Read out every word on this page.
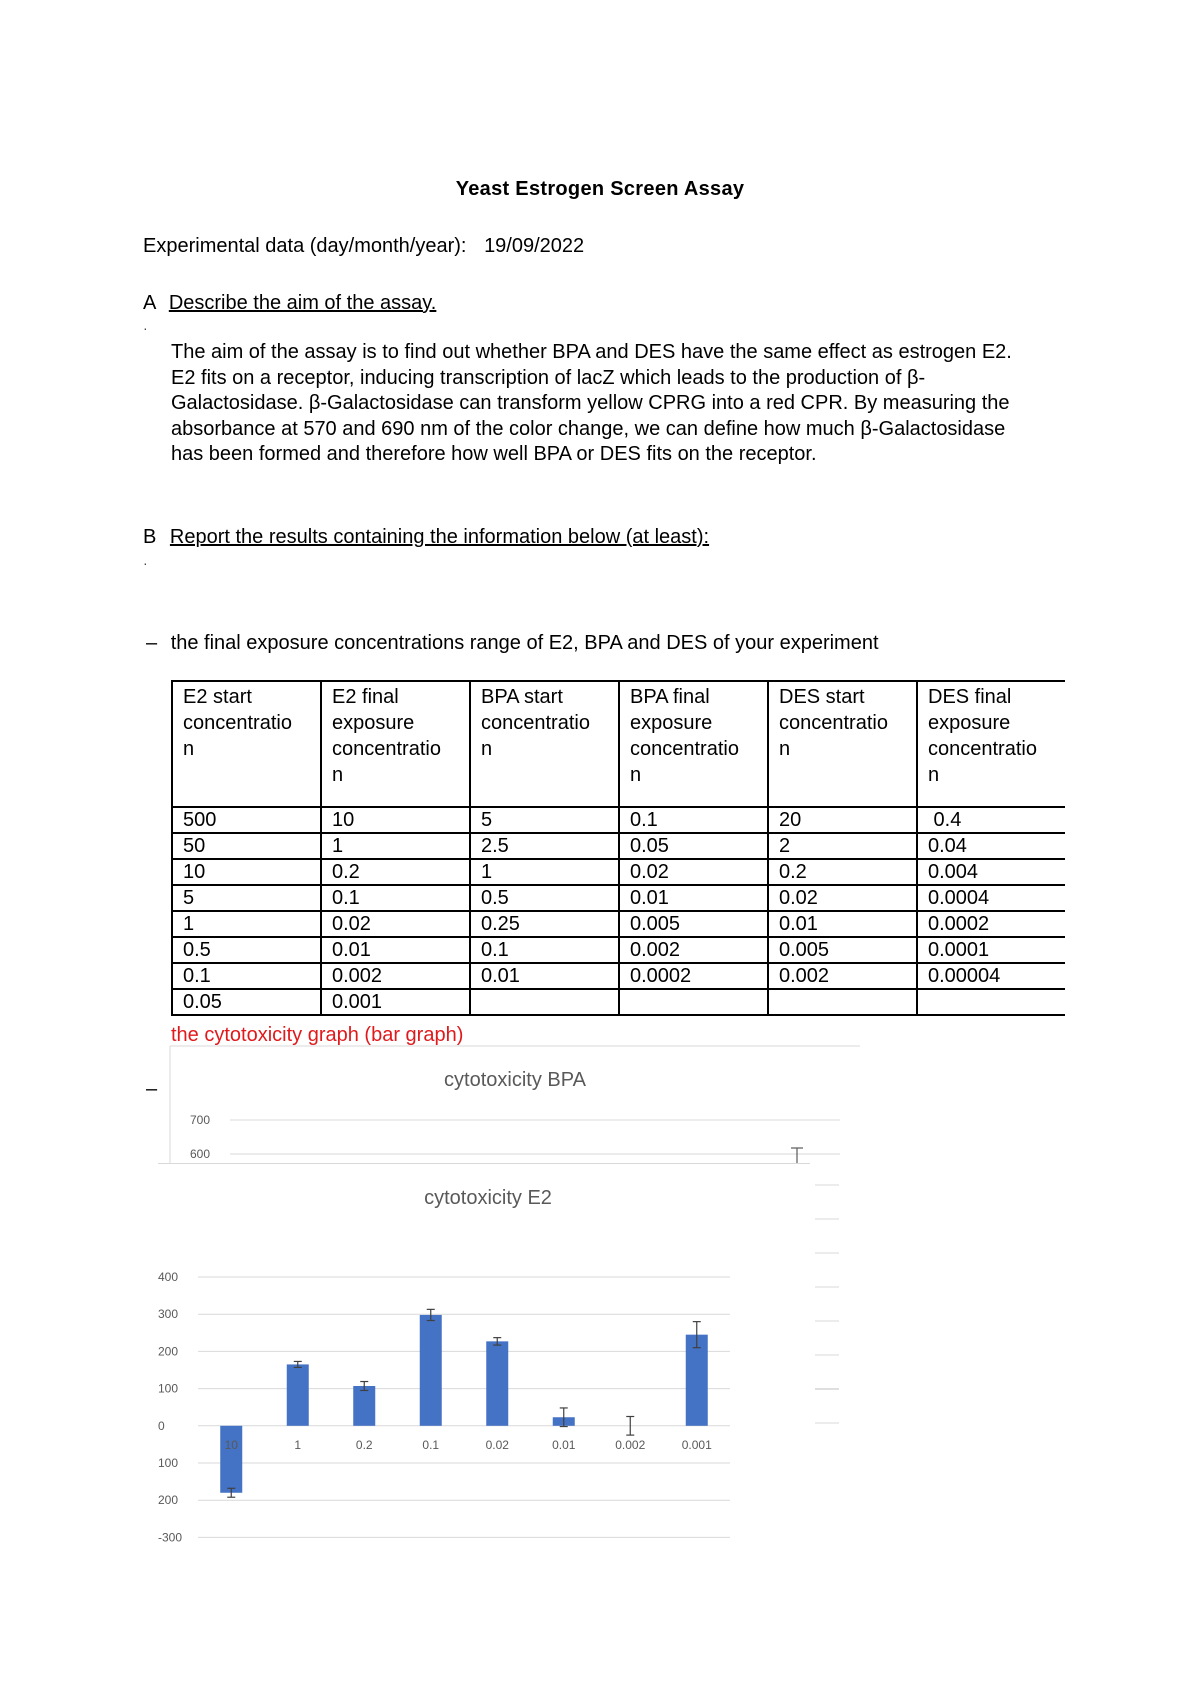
Yeast Estrogen Screen Assay
Experimental data (day/month/year): 19/09/2022
A Describe the aim of the assay.
·
The aim of the assay is to find out whether BPA and DES have the same effect as estrogen E2. E2 fits on a receptor, inducing transcription of lacZ which leads to the production of β-Galactosidase. β-Galactosidase can transform yellow CPRG into a red CPR. By measuring the absorbance at 570 and 690 nm of the color change, we can define how much β-Galactosidase has been formed and therefore how well BPA or DES fits on the receptor.
B Report the results containing the information below (at least):
·
– the final exposure concentrations range of E2, BPA and DES of your experiment
E2 start
concentratio
n	E2 final
exposure
concentratio
n	BPA start
concentratio
n	BPA final
exposure
concentratio
n	DES start
concentratio
n	DES final
exposure
concentratio
n
500	10	5	0.1	20	0.4
50	1	2.5	0.05	2	0.04
10	0.2	1	0.02	0.2	0.004
5	0.1	0.5	0.01	0.02	0.0004
1	0.02	0.25	0.005	0.01	0.0002
0.5	0.01	0.1	0.002	0.005	0.0001
0.1	0.002	0.01	0.0002	0.002	0.00004
0.05	0.001				
the cytotoxicity graph (bar graph)
–	cytotoxicity BPA
700
600
cytotoxicity E2
400
300
200
100
0
100
200
-300
10	1	0.2	0.1	0.02	0.01	0.002	0.001
